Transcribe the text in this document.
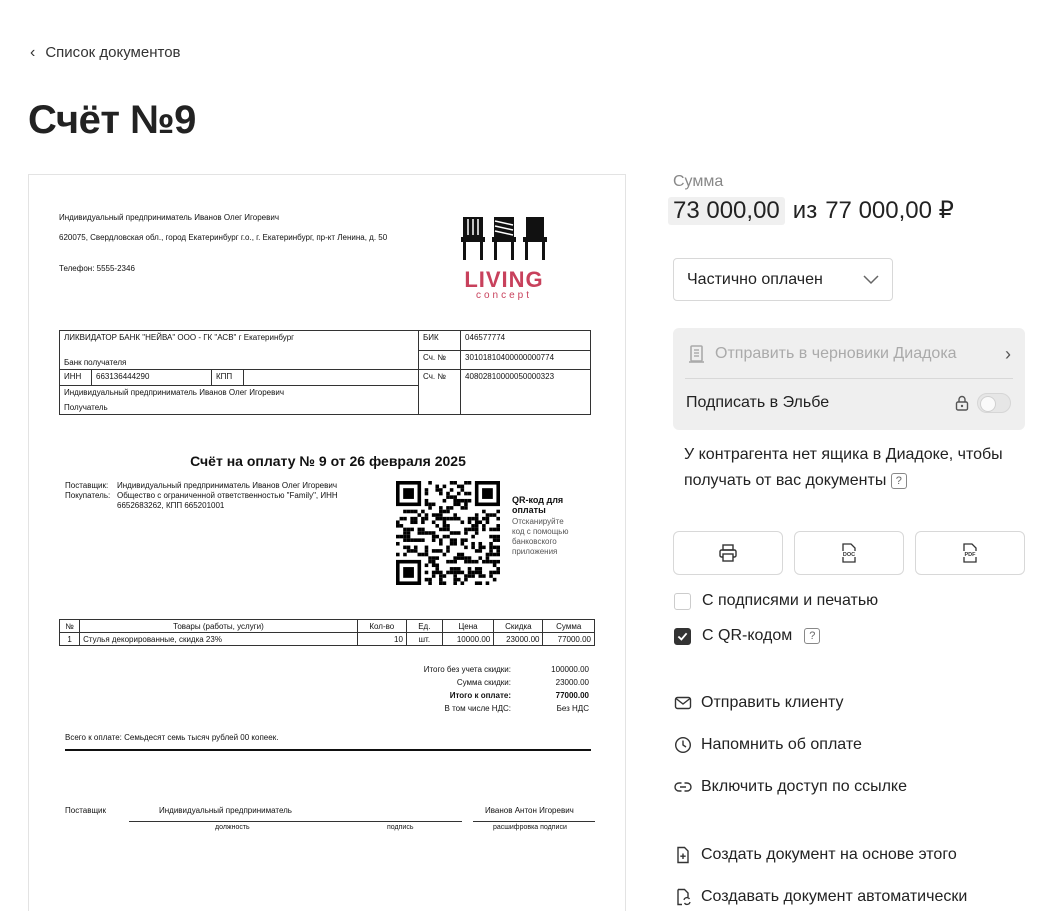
‹ Список документов
Счёт №9
Индивидуальный предприниматель Иванов Олег Игоревич
620075, Свердловская обл., город Екатеринбург г.о., г. Екатеринбург, пр-кт Ленина, д. 50
Телефон: 5555-2346	LIVING
concept
ЛИКВИДАТОР БАНК "НЕЙВА" ООО - ГК "АСВ" г Екатеринбург
Банк получателя				БИК	046577774
				Сч. №	30101810400000000774
ИНН	663136444290	КПП		Сч. №	40802810000050000323

Индивидуальный предприниматель Иванов Олег Игоревич
Получатель					
Счёт на оплату № 9 от 26 февраля 2025
Поставщик:	Индивидуальный предприниматель Иванов Олег Игоревич
Покупатель: Общество с ограниченной ответственностью "Family", ИНН 6652683262, КПП 665201001
QR-код для оплаты
Отсканируйте код с помощью банковского приложения
№	Товары (работы, услуги)	Кол-во	Ед.	Цена	Скидка	Сумма
1	Стулья декорированные, скидка 23%	10	шт.	10000.00	23000.00	77000.00
Итого без учета скидки:	100000.00
Сумма скидки:	23000.00
Итого к оплате:	77000.00
В том числе НДС:	Без НДС
Всего к оплате: Семьдесят семь тысяч рублей 00 копеек.
Поставщик	Индивидуальный предприниматель	Иванов Антон Игоревич
должность	подпись	расшифровка подписи
Сумма
73 000,00 из 77 000,00 ₽
Частично оплачен
Отправить в черновики Диадока	›
Подписать в Эльбе
У контрагента нет ящика в Диадоке, чтобы получать от вас документы ?
DOC	PDF
С подписями и печатью
С QR-кодом	?
Отправить клиенту
Напомнить об оплате
Включить доступ по ссылке
Создать документ на основе этого
Создавать документ автоматически
